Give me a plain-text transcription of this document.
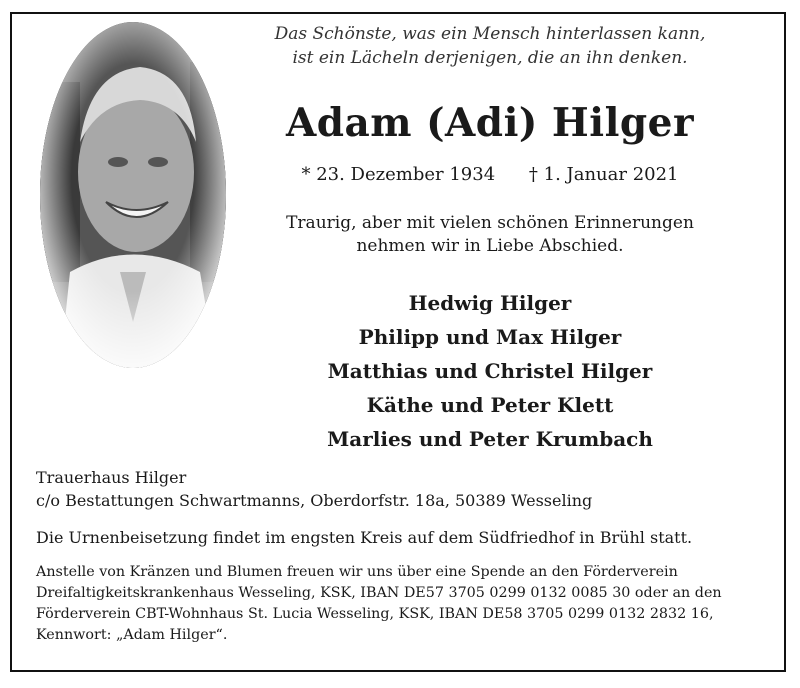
Das Schönste, was ein Mensch hinterlassen kann,
ist ein Lächeln derjenigen, die an ihn denken.
Adam (Adi) Hilger
* 23. Dezember 1934 † 1. Januar 2021
Traurig, aber mit vielen schönen Erinnerungen
nehmen wir in Liebe Abschied.
Hedwig Hilger
Philipp und Max Hilger
Matthias und Christel Hilger
Käthe und Peter Klett
Marlies und Peter Krumbach

Trauerhaus Hilger

c/o Bestattungen Schwartmanns, Oberdorfstr. 18a, 50389 Wesseling

Die Urnenbeisetzung findet im engsten Kreis auf dem Südfriedhof in Brühl statt.

Anstelle von Kränzen und Blumen freuen wir uns über eine Spende an den Förderverein

Dreifaltigkeitskrankenhaus Wesseling, KSK, IBAN DE57 3705 0299 0132 0085 30 oder an den

Förderverein CBT-Wohnhaus St. Lucia Wesseling, KSK, IBAN DE58 3705 0299 0132 2832 16,

Kennwort: „Adam Hilger“.
